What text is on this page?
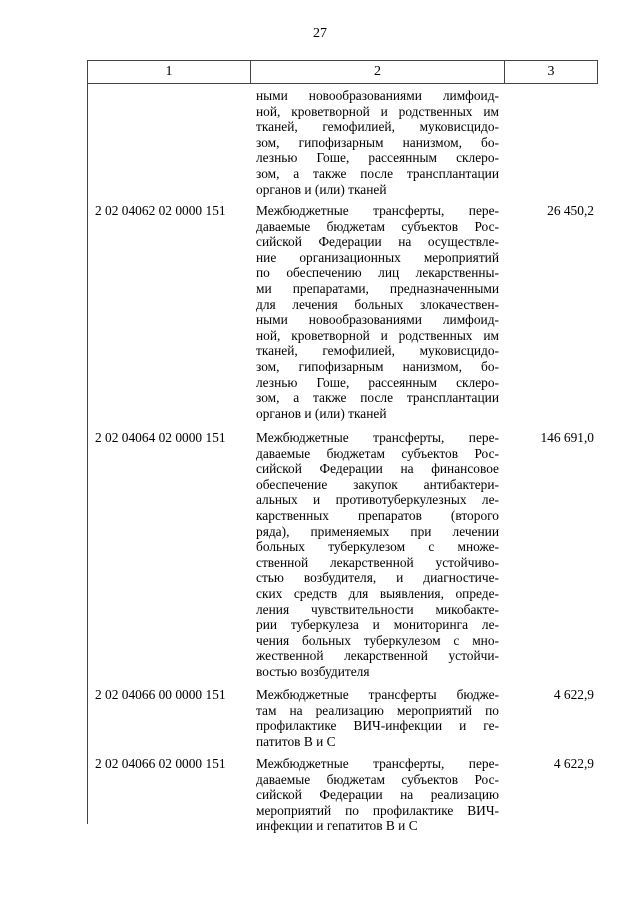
27
1	2	3
ными новообразованиями лимфоид-
ной, кроветворной и родственных им
тканей, гемофилией, муковисцидо-
зом, гипофизарным нанизмом, бо-
лезнью Гоше, рассеянным склеро-
зом, а также после трансплантации
органов и (или) тканей
2 02 04062 02 0000 151 Межбюджетные трансферты, пере-
даваемые бюджетам субъектов Рос-
сийской Федерации на осуществле-
ние организационных мероприятий
по обеспечению лиц лекарственны-
ми препаратами, предназначенными
для лечения больных злокачествен-
ными новообразованиями лимфоид-
ной, кроветворной и родственных им
тканей, гемофилией, муковисцидо-
зом, гипофизарным нанизмом, бо-
лезнью Гоше, рассеянным склеро-
зом, а также после трансплантации
органов и (или) тканей
26 450,2
2 02 04064 02 0000 151 Межбюджетные трансферты, пере-
даваемые бюджетам субъектов Рос-
сийской Федерации на финансовое
обеспечение закупок антибактери-
альных и противотуберкулезных ле-
карственных препаратов (второго
ряда), применяемых при лечении
больных туберкулезом с множе-
ственной лекарственной устойчиво-
стью возбудителя, и диагностиче-
ских средств для выявления, опреде-
ления чувствительности микобакте-
рии туберкулеза и мониторинга ле-
чения больных туберкулезом с мно-
жественной лекарственной устойчи-
востью возбудителя
146 691,0
2 02 04066 00 0000 151 Межбюджетные трансферты бюдже-
там на реализацию мероприятий по
профилактике ВИЧ-инфекции и ге-
патитов В и С
4 622,9
2 02 04066 02 0000 151 Межбюджетные трансферты, пере-
даваемые бюджетам субъектов Рос-
сийской Федерации на реализацию
мероприятий по профилактике ВИЧ-
инфекции и гепатитов В и С
4 622,9
